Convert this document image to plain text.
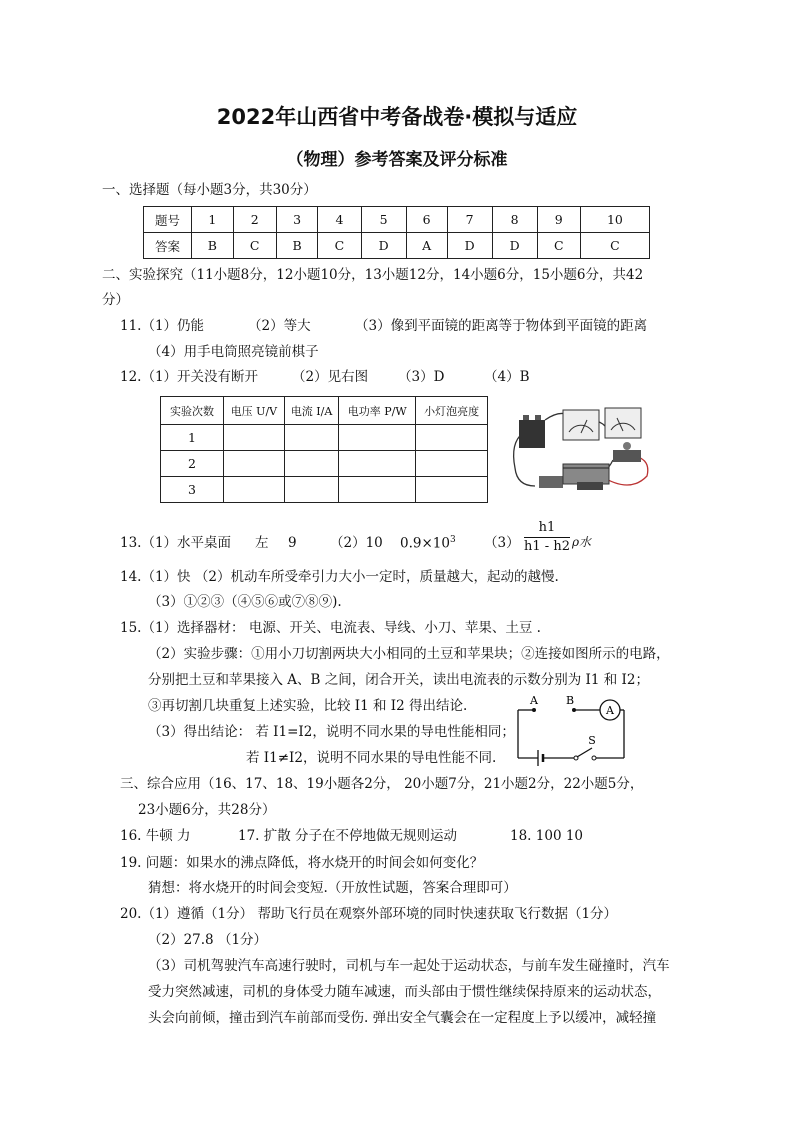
2022年山西省中考备战卷·模拟与适应
（物理）参考答案及评分标准
一、选择题（每小题3分，共30分）
题号	1	2	3	4	5	6	7	8	9	10
答案	B	C	B	C	D	A	D	D	C	C
二、实验探究（11小题8分，12小题10分，13小题12分，14小题6分，15小题6分，共42
分）
11.（1）仍能	（2）等大	（3）像到平面镜的距离等于物体到平面镜的距离
（4）用手电筒照亮镜前棋子
12.（1）开关没有断开	（2）见右图 （3）D	（4）B
实验次数	电压 U/V	电流 I/A	电功率 P/W	小灯泡亮度
1				
2				
3				
13.（1）水平桌面 左 9 （2）10 $0.9\times 10^3$ （3）
h1
h1 - h2 ρ水
14.（1）快 （2）机动车所受牵引力大小一定时，质量越大，起动的越慢.
（3）①②③（④⑤⑥或⑦⑧⑨).
15.（1）选择器材： 电源、开关、电流表、导线、小刀、苹果、土豆 .
（2）实验步骤：①用小刀切割两块大小相同的土豆和苹果块；②连接如图所示的电路，
分别把土豆和苹果接入 A、B 之间，闭合开关，读出电流表的示数分别为 I1 和 I2；
③再切割几块重复上述实验，比较 I1 和 I2 得出结论.
（3）得出结论： 若 I1=I2，说明不同水果的导电性能相同；
若 I1≠I2，说明不同水果的导电性能不同.
A	B
A
S
三、综合应用（16、17、18、19小题各2分， 20小题7分，21小题2分，22小题5分，
23小题6分，共28分）
16. 牛顿 力	17. 扩散 分子在不停地做无规则运动	18. 100 10
19. 问题：如果水的沸点降低，将水烧开的时间会如何变化？
猜想：将水烧开的时间会变短.（开放性试题，答案合理即可）
20.（1）遵循（1分） 帮助飞行员在观察外部环境的同时快速获取飞行数据（1分）
（2）27.8 （1分）
（3）司机驾驶汽车高速行驶时，司机与车一起处于运动状态，与前车发生碰撞时，汽车
受力突然减速，司机的身体受力随车减速，而头部由于惯性继续保持原来的运动状态，
头会向前倾，撞击到汽车前部而受伤. 弹出安全气囊会在一定程度上予以缓冲，减轻撞
